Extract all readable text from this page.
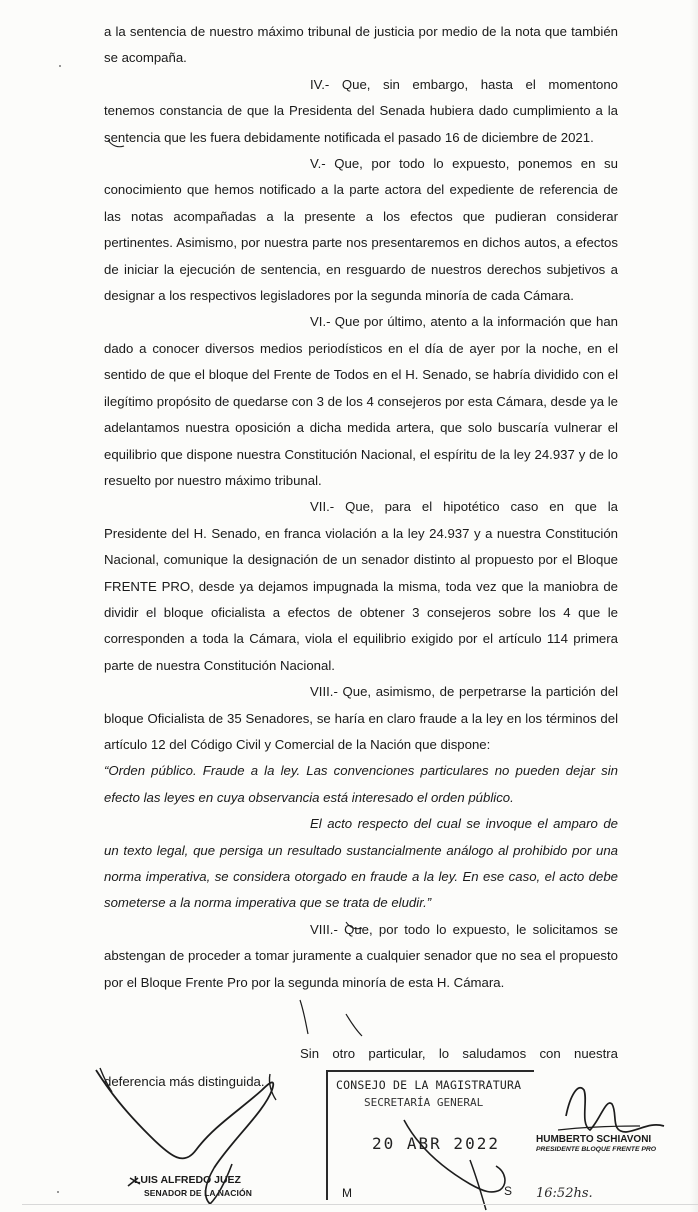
a la sentencia de nuestro máximo tribunal de justicia por medio de la nota que también se acompaña.

IV.- Que, sin embargo, hasta el momentono tenemos constancia de que la Presidenta del Senada hubiera dado cumplimiento a la sentencia que les fuera debidamente notificada el pasado 16 de diciembre de 2021.

V.- Que, por todo lo expuesto, ponemos en su conocimiento que hemos notificado a la parte actora del expediente de referencia de las notas acompañadas a la presente a los efectos que pudieran considerar pertinentes. Asimismo, por nuestra parte nos presentaremos en dichos autos, a efectos de iniciar la ejecución de sentencia, en resguardo de nuestros derechos subjetivos a designar a los respectivos legisladores por la segunda minoría de cada Cámara.

VI.- Que por último, atento a la información que han dado a conocer diversos medios periodísticos en el día de ayer por la noche, en el sentido de que el bloque del Frente de Todos en el H. Senado, se habría dividido con el ilegítimo propósito de quedarse con 3 de los 4 consejeros por esta Cámara, desde ya le adelantamos nuestra oposición a dicha medida artera, que solo buscaría vulnerar el equilibrio que dispone nuestra Constitución Nacional, el espíritu de la ley 24.937 y de lo resuelto por nuestro máximo tribunal.

VII.- Que, para el hipotético caso en que la Presidente del H. Senado, en franca violación a la ley 24.937 y a nuestra Constitución Nacional, comunique la designación de un senador distinto al propuesto por el Bloque FRENTE PRO, desde ya dejamos impugnada la misma, toda vez que la maniobra de dividir el bloque oficialista a efectos de obtener 3 consejeros sobre los 4 que le corresponden a toda la Cámara, viola el equilibrio exigido por el artículo 114 primera parte de nuestra Constitución Nacional.

VIII.- Que, asimismo, de perpetrarse la partición del bloque Oficialista de 35 Senadores, se haría en claro fraude a la ley en los términos del artículo 12 del Código Civil y Comercial de la Nación que dispone:

“Orden público. Fraude a la ley. Las convenciones particulares no pueden dejar sin efecto las leyes en cuya observancia está interesado el orden público.

El acto respecto del cual se invoque el amparo de un texto legal, que persiga un resultado sustancialmente análogo al prohibido por una norma imperativa, se considera otorgado en fraude a la ley. En ese caso, el acto debe someterse a la norma imperativa que se trata de eludir.”

VIII.- Que, por todo lo expuesto, le solicitamos se abstengan de proceder a tomar juramente a cualquier senador que no sea el propuesto por el Bloque Frente Pro por la segunda minoría de esta H. Cámara.

Sin otro particular, lo saludamos con nuestra
deferencia más distinguida.	CONSEJO DE LA MAGISTRATURA
SECRETARÍA GENERAL
20 ABR 2022
M	S 16:52hs.
LUIS ALFREDO JUEZ
SENADOR DE LA NACIÓN
HUMBERTO SCHIAVONI
PRESIDENTE BLOQUE FRENTE PRO
